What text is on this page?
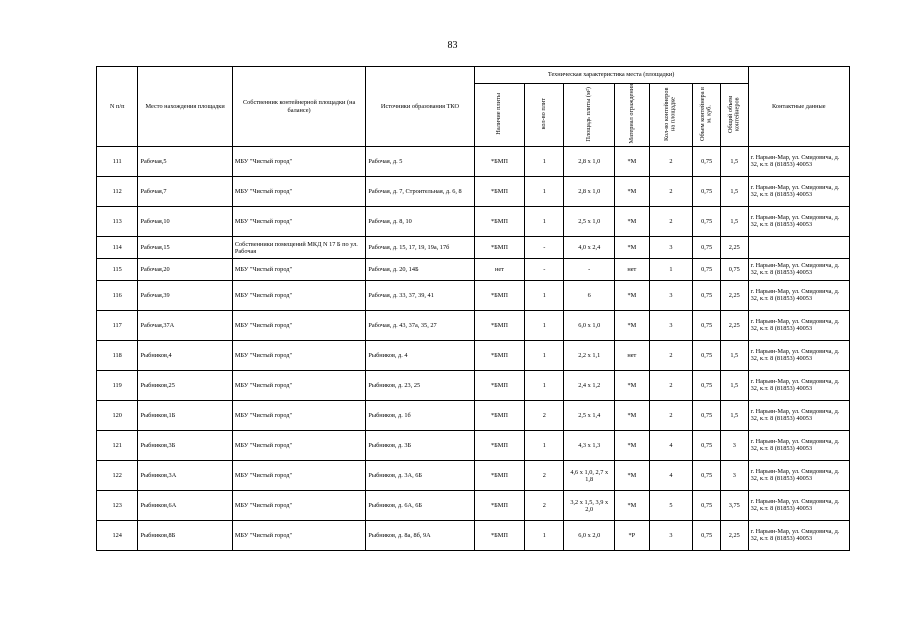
83
N п/п	Место нахождения площадки	Собственник контейнерной площадки (на балансе)	Источники образования ТКО	Техническая характеристика места (площадки)							Контактные данные
				Наличие плиты	кол-во плит	Площадь плиты (м²)	Материал ограждения	Кол-во контейнеров на площадке	Объем контейнера в м. куб.	Общий объем контейнеров	
111	Рабочая,5	МБУ "Чистый город"	Рабочая, д. 5	*БМП	1	2,8 х 1,0	*М	2	0,75	1,5	г. Нарьян-Мар, ул. Смидовича, д. 32, к.т. 8 (81853) 40053
112	Рабочая,7	МБУ "Чистый город"	Рабочая, д. 7, Строительная, д. 6, 8	*БМП	1	2,8 х 1,0	*М	2	0,75	1,5	г. Нарьян-Мар, ул. Смидовича, д. 32, к.т. 8 (81853) 40053
113	Рабочая,10	МБУ "Чистый город"	Рабочая, д. 8, 10	*БМП	1	2,5 х 1,0	*М	2	0,75	1,5	г. Нарьян-Мар, ул. Смидовича, д. 32, к.т. 8 (81853) 40053
114	Рабочая,15	Собственники помещений МКД N 17 Б по ул. Рабочая	Рабочая, д. 15, 17, 19, 19а, 17б	*БМП	-	4,0 х 2,4	*М	3	0,75	2,25	
115	Рабочая,20	МБУ "Чистый город"	Рабочая, д. 20, 14Б	нет	-	-	нет	1	0,75	0,75	г. Нарьян-Мар, ул. Смидовича, д. 32, к.т. 8 (81853) 40053
116	Рабочая,39	МБУ "Чистый город"	Рабочая, д. 33, 37, 39, 41	*БМП	1	6	*М	3	0,75	2,25	г. Нарьян-Мар, ул. Смидовича, д. 32, к.т. 8 (81853) 40053
117	Рабочая,37А	МБУ "Чистый город"	Рабочая, д. 43, 37а, 35, 27	*БМП	1	6,0 х 1,0	*М	3	0,75	2,25	г. Нарьян-Мар, ул. Смидовича, д. 32, к.т. 8 (81853) 40053
118	Рыбников,4	МБУ "Чистый город"	Рыбников, д. 4	*БМП	1	2,2 х 1,1	нет	2	0,75	1,5	г. Нарьян-Мар, ул. Смидовича, д. 32, к.т. 8 (81853) 40053
119	Рыбников,25	МБУ "Чистый город"	Рыбников, д. 23, 25	*БМП	1	2,4 х 1,2	*М	2	0,75	1,5	г. Нарьян-Мар, ул. Смидовича, д. 32, к.т. 8 (81853) 40053
120	Рыбников,1Б	МБУ "Чистый город"	Рыбников, д. 1б	*БМП	2	2,5 х 1,4	*М	2	0,75	1,5	г. Нарьян-Мар, ул. Смидовича, д. 32, к.т. 8 (81853) 40053
121	Рыбников,3Б	МБУ "Чистый город"	Рыбников, д. 3Б	*БМП	1	4,3 х 1,3	*М	4	0,75	3	г. Нарьян-Мар, ул. Смидовича, д. 32, к.т. 8 (81853) 40053
122	Рыбников,3А	МБУ "Чистый город"	Рыбников, д. 3А, 6Б	*БМП	2	4,6 х 1,0, 2,7 х 1,8	*М	4	0,75	3	г. Нарьян-Мар, ул. Смидовича, д. 32, к.т. 8 (81853) 40053
123	Рыбников,6А	МБУ "Чистый город"	Рыбников, д. 6А, 6Б	*БМП	2	3,2 х 1,5, 3,9 х 2,0	*М	5	0,75	3,75	г. Нарьян-Мар, ул. Смидовича, д. 32, к.т. 8 (81853) 40053
124	Рыбников,8Б	МБУ "Чистый город"	Рыбников, д. 8а, 8б, 9А	*БМП	1	6,0 х 2,0	*Р	3	0,75	2,25	г. Нарьян-Мар, ул. Смидовича, д. 32, к.т. 8 (81853) 40053
